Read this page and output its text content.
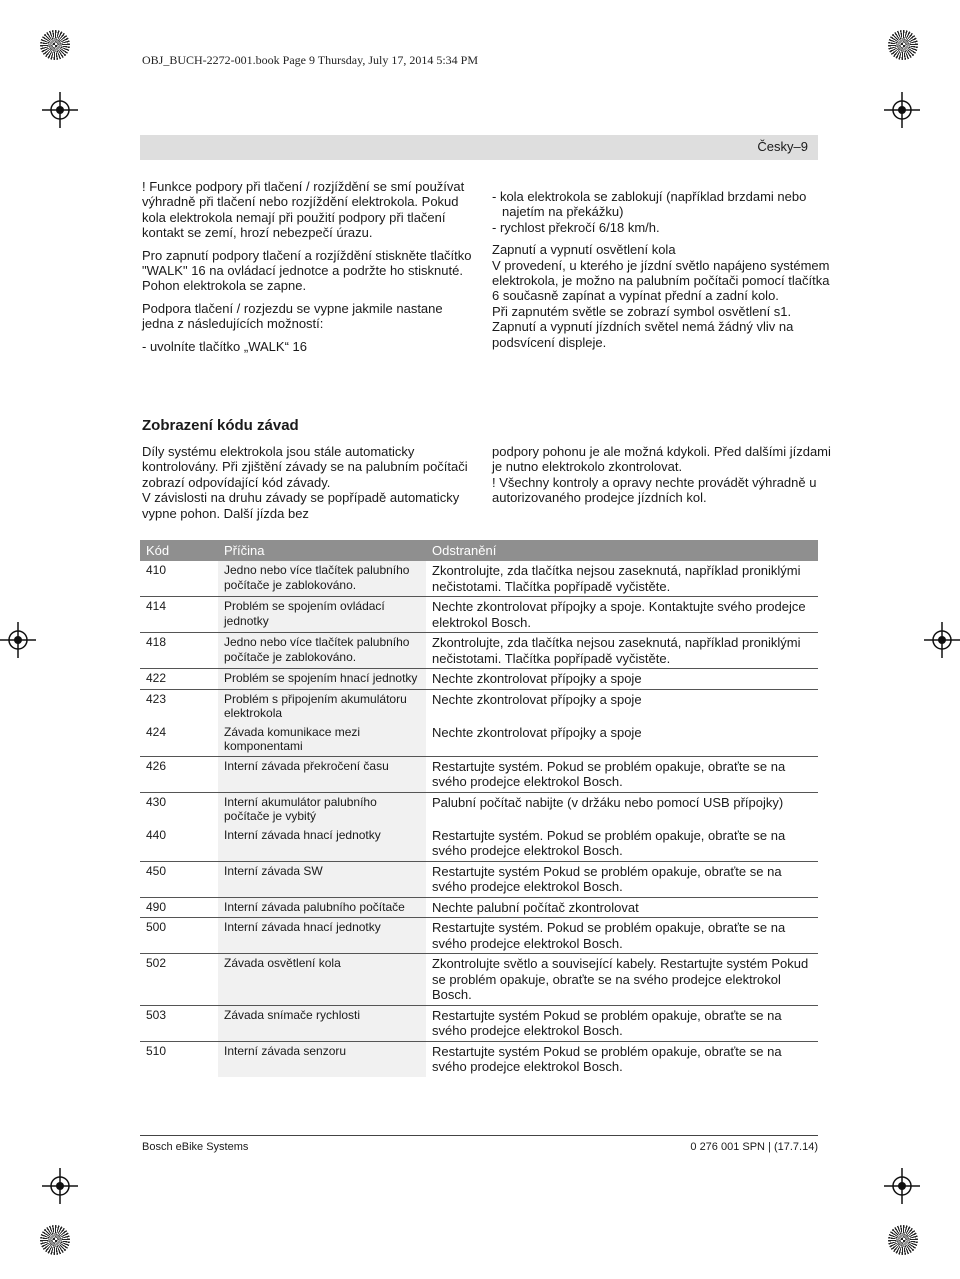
OBJ_BUCH-2272-001.book Page 9 Thursday, July 17, 2014 5:34 PM
Česky–9

! Funkce podpory při tlačení / rozjíždění se smí používat výhradně při tlačení nebo rozjíždění elektrokola. Pokud kola elektrokola nemají při použití podpory při tlačení kontakt se zemí, hrozí nebezpečí úrazu.

Pro zapnutí podpory tlačení a rozjíždění stiskněte tlačítko "WALK" 16 na ovládací jednotce a podržte ho stisknuté. Pohon elektrokola se zapne.

Podpora tlačení / rozjezdu se vypne jakmile nastane jedna z následujících možností:

- uvolníte tlačítko „WALK“ 16

- kola elektrokola se zablokují (například brzdami nebo najetím na překážku)

- rychlost překročí 6/18 km/h.

Zapnutí a vypnutí osvětlení kola

V provedení, u kterého je jízdní světlo napájeno systémem elektrokola, je možno na palubním počítači pomocí tlačítka 6 současně zapínat a vypínat přední a zadní kolo.

Při zapnutém světle se zobrazí symbol osvětlení s1.

Zapnutí a vypnutí jízdních světel nemá žádný vliv na podsvícení displeje.

Zobrazení kódu závad

Díly systému elektrokola jsou stále automaticky kontrolovány. Při zjištění závady se na palubním počítači zobrazí odpovídající kód závady.

V závislosti na druhu závady se popřípadě automaticky vypne pohon. Další jízda bez

podpory pohonu je ale možná kdykoli. Před dalšími jízdami je nutno elektrokolo zkontrolovat.

! Všechny kontroly a opravy nechte provádět výhradně u autorizovaného prodejce jízdních kol.

Kód	Příčina	Odstranění
410	Jedno nebo více tlačítek palubního počítače je zablokováno.	Zkontrolujte, zda tlačítka nejsou zaseknutá, například proniklými nečistotami. Tlačítka popřípadě vyčistěte.
414	Problém se spojením ovládací jednotky	Nechte zkontrolovat přípojky a spoje. Kontaktujte svého prodejce elektrokol Bosch.
418	Jedno nebo více tlačítek palubního počítače je zablokováno.	Zkontrolujte, zda tlačítka nejsou zaseknutá, například proniklými nečistotami. Tlačítka popřípadě vyčistěte.
422	Problém se spojením hnací jednotky	Nechte zkontrolovat přípojky a spoje
423	Problém s připojením akumulátoru elektrokola	Nechte zkontrolovat přípojky a spoje
424	Závada komunikace mezi komponentami	Nechte zkontrolovat přípojky a spoje
426	Interní závada překročení času	Restartujte systém. Pokud se problém opakuje, obraťte se na svého prodejce elektrokol Bosch.
430	Interní akumulátor palubního počítače je vybitý	Palubní počítač nabijte (v držáku nebo pomocí USB přípojky)
440	Interní závada hnací jednotky	Restartujte systém. Pokud se problém opakuje, obraťte se na svého prodejce elektrokol Bosch.
450	Interní závada SW	Restartujte systém Pokud se problém opakuje, obraťte se na svého prodejce elektrokol Bosch.
490	Interní závada palubního počítače	Nechte palubní počítač zkontrolovat
500	Interní závada hnací jednotky	Restartujte systém. Pokud se problém opakuje, obraťte se na svého prodejce elektrokol Bosch.
502	Závada osvětlení kola	Zkontrolujte světlo a související kabely. Restartujte systém Pokud se problém opakuje, obraťte se na svého prodejce elektrokol Bosch.
503	Závada snímače rychlosti	Restartujte systém Pokud se problém opakuje, obraťte se na svého prodejce elektrokol Bosch.
510	Interní závada senzoru	Restartujte systém Pokud se problém opakuje, obraťte se na svého prodejce elektrokol Bosch.
Bosch eBike Systems	0 276 001 SPN | (17.7.14)
